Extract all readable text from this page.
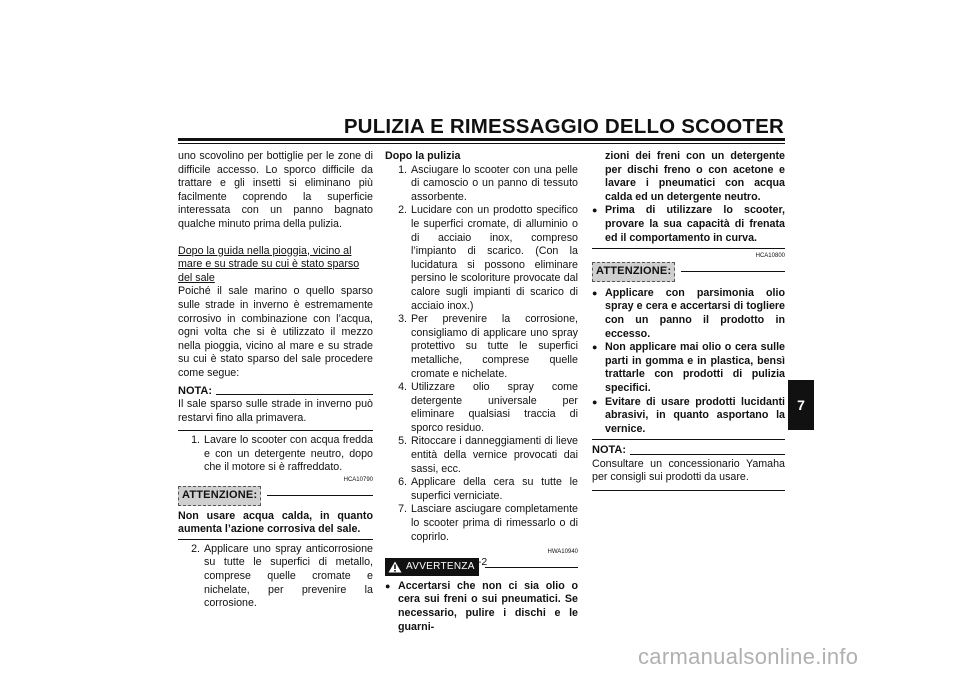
PULIZIA E RIMESSAGGIO DELLO SCOOTER

uno scovolino per bottiglie per le zone di difficile accesso. Lo sporco difficile da trattare e gli insetti si eliminano più facilmente coprendo la superficie interessata con un panno bagnato qualche minuto prima della pulizia.

Dopo la guida nella pioggia, vicino al mare e su strade su cui è stato sparso del sale

Poiché il sale marino o quello sparso sulle strade in inverno è estremamente corrosivo in combinazione con l’acqua, ogni volta che si è utilizzato il mezzo nella pioggia, vicino al mare e su strade su cui è stato sparso del sale procedere come segue:

NOTA:

Il sale sparso sulle strade in inverno può restarvi fino alla primavera.

1. Lavare lo scooter con acqua fredda e con un detergente neutro, dopo che il motore si è raffreddato.
HCA10790
ATTENZIONE:

Non usare acqua calda, in quanto aumenta l’azione corrosiva del sale.

2. Applicare uno spray anticorrosione su tutte le superfici di metallo, comprese quelle cromate e nichelate, per prevenire la corrosione.

Dopo la pulizia

1. Asciugare lo scooter con una pelle di camoscio o un panno di tessuto assorbente.
2. Lucidare con un prodotto specifico le superfici cromate, di alluminio o di acciaio inox, compreso l’impianto di scarico. (Con la lucidatura si possono eliminare persino le scoloriture provocate dal calore sugli impianti di scarico di acciaio inox.)
3. Per prevenire la corrosione, consigliamo di applicare uno spray protettivo su tutte le superfici metalliche, comprese quelle cromate e nichelate.
4. Utilizzare olio spray come detergente universale per eliminare qualsiasi traccia di sporco residuo.
5. Ritoccare i danneggiamenti di lieve entità della vernice provocati dai sassi, ecc.
6. Applicare della cera su tutte le superfici verniciate.
7. Lasciare asciugare completamente lo scooter prima di rimessarlo o di coprirlo.
HWA10940
AVVERTENZA
● Accertarsi che non ci sia olio o cera sui freni o sui pneumatici. Se necessario, pulire i dischi e le guarni-
zioni dei freni con un detergente per dischi freno o con acetone e lavare i pneumatici con acqua calda ed un detergente neutro.
● Prima di utilizzare lo scooter, provare la sua capacità di frenata ed il comportamento in curva.
HCA10800
ATTENZIONE:
● Applicare con parsimonia olio spray e cera e accertarsi di togliere con un panno il prodotto in eccesso.
● Non applicare mai olio o cera sulle parti in gomma e in plastica, bensì trattarle con prodotti di pulizia specifici.
● Evitare di usare prodotti lucidanti abrasivi, in quanto asportano la vernice.
NOTA:

Consultare un concessionario Yamaha per consigli sui prodotti da usare.

7-2
7
carmanualsonline.info
